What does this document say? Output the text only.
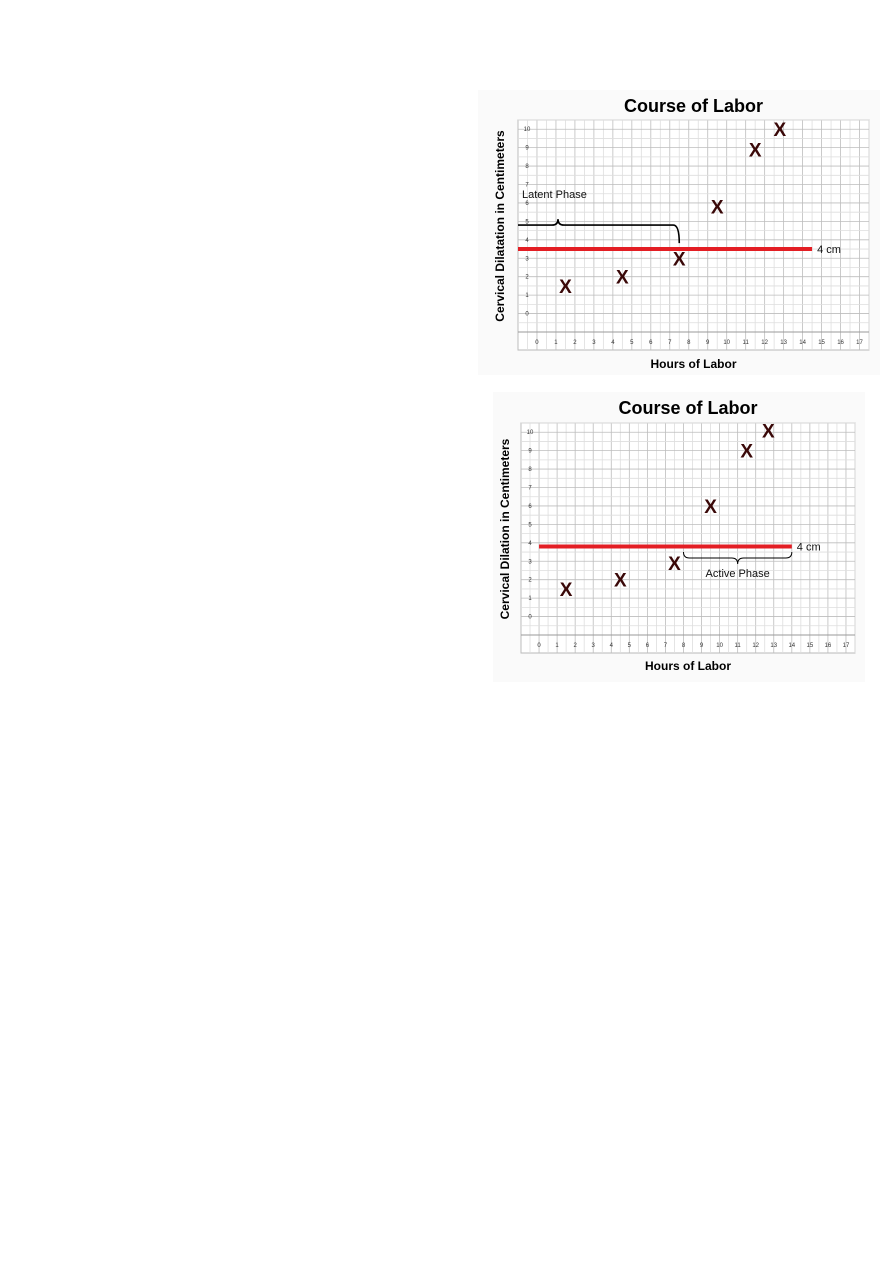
0	1	2	3	4	5	6	7	8	9 10 11 12 13 14 15 16 17
0
1
2
3
4
5
6
7
8
9
10
Course of Labor
Hours of Labor
Cervical Dilatation in Centimeters	4 cm
Latent Phase
X X
X
X
X
X
0 1 2 3 4 5 6 7 8 9 10 11 12 13 14 15 16 17
0
1
2
3
4
5
6
7
8
9
10
Course of Labor
Hours of Labor
Cervical Dilation in Centimeters	4 cm
Active Phase
X X
X
X
X
X
